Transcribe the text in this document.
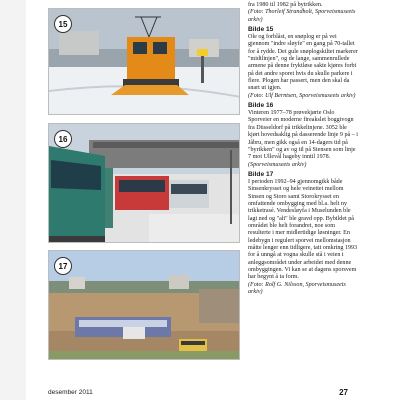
15
16
17

fra 1980 til 1982 på bytrikken.

(Foto: Thorleif Strandholt, Sporveismuseets arkiv)

Bilde 15

Ole og forblåst, en snøplog er på vei gjennom "indre sløyfe" en gang på 70-tallet for å rydde. Det gule snøplogskiltet markerer "midtlinjen", og de lange, sammenrullede armene på denne fryktløse sakte kjøres forbi på det andre sporet hvis du skulle parkere i flere. Plogen har passert, men den skal da snart ut igjen.

(Foto: Ulf Berntsen, Sporveismuseets arkiv)

Bilde 16

Vinteren 1977–78 prøvekjørte Oslo Sporveier en moderne fireakslet boggivogn fra Düsseldorf på trikkelinjene. 3052 ble kjørt hovedsaklig på dasserende linje 9 på – i Jåbru, men gikk også en 14-dagers tid på "byrikken" og av og til på Stensen som linje 7 mot Ullevål hageby inntil 1978.

(Sporveismuseets arkiv)

Bilde 17

I perioden 1992–94 gjennomgikk både Sinsenkrysset og hele veinettet mellom Sinsen og Storo samt Storokrysset en omfattende ombygging med bl.a. helt ny trikketrasé. Vendesløyfa i Muselunden ble lagt ned og "alt" ble gravd opp. Bybildet på området ble helt forandret, noe som resulterte i mer midlertidige løsninger. En ledebygn i regulert sporvei mellomstasjon måtte lenger enn tidligere, tatt omkring 1993 for å unngå at vogna skulle stå i veien i anleggsområdet under arbeidet med denne ombyggingen. Vi kan se at dagens sporsvem har begynt å ta form.

(Foto: Rolf G. Nilsson, Sporveismuseets arkiv)

desember 2011	27
